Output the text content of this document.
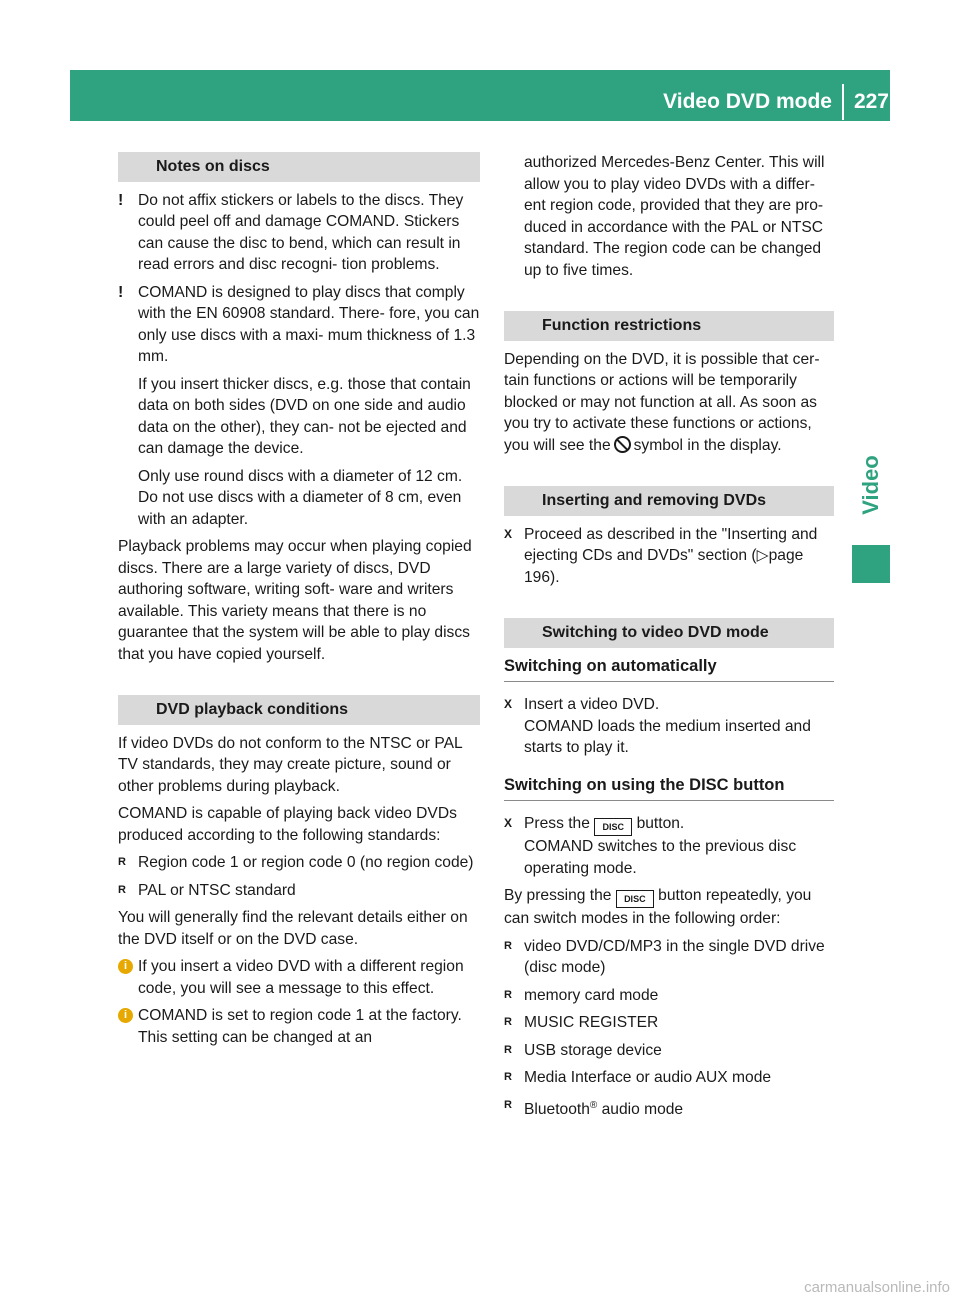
Video DVD mode 227
Video
Notes on discs
! Do not affix stickers or labels to the discs. They could peel off and damage COMAND. Stickers can cause the disc to bend, which can result in read errors and disc recogni- tion problems.
! COMAND is designed to play discs that comply with the EN 60908 standard. There- fore, you can only use discs with a maxi- mum thickness of 1.3 mm.

If you insert thicker discs, e.g. those that contain data on both sides (DVD on one side and audio data on the other), they can- not be ejected and can damage the device.

Only use round discs with a diameter of 12 cm. Do not use discs with a diameter of 8 cm, even with an adapter.

Playback problems may occur when playing copied discs. There are a large variety of discs, DVD authoring software, writing soft- ware and writers available. This variety means that there is no guarantee that the system will be able to play discs that you have copied yourself.

DVD playback conditions

If video DVDs do not conform to the NTSC or PAL TV standards, they may create picture, sound or other problems during playback.

COMAND is capable of playing back video DVDs produced according to the following standards:

R Region code 1 or region code 0 (no region code)
R PAL or NTSC standard

You will generally find the relevant details either on the DVD itself or on the DVD case.

i If you insert a video DVD with a different region code, you will see a message to this effect.
i COMAND is set to region code 1 at the factory. This setting can be changed at an
authorized Mercedes-Benz Center. This will allow you to play video DVDs with a differ- ent region code, provided that they are pro- duced in accordance with the PAL or NTSC standard. The region code can be changed up to five times.
Function restrictions

Depending on the DVD, it is possible that cer- tain functions or actions will be temporarily blocked or may not function at all. As soon as you try to activate these functions or actions, you will see the symbol in the display.

Inserting and removing DVDs
X Proceed as described in the "Inserting and ejecting CDs and DVDs" section (▷page 196).
Switching to video DVD mode
Switching on automatically
X Insert a video DVD.
COMAND loads the medium inserted and starts to play it.
Switching on using the DISC button
X Press the DISC button.
COMAND switches to the previous disc operating mode.

By pressing the DISC button repeatedly, you can switch modes in the following order:

R video DVD/CD/MP3 in the single DVD drive (disc mode)
R memory card mode
R MUSIC REGISTER
R USB storage device
R Media Interface or audio AUX mode
R Bluetooth® audio mode
carmanualsonline.info
